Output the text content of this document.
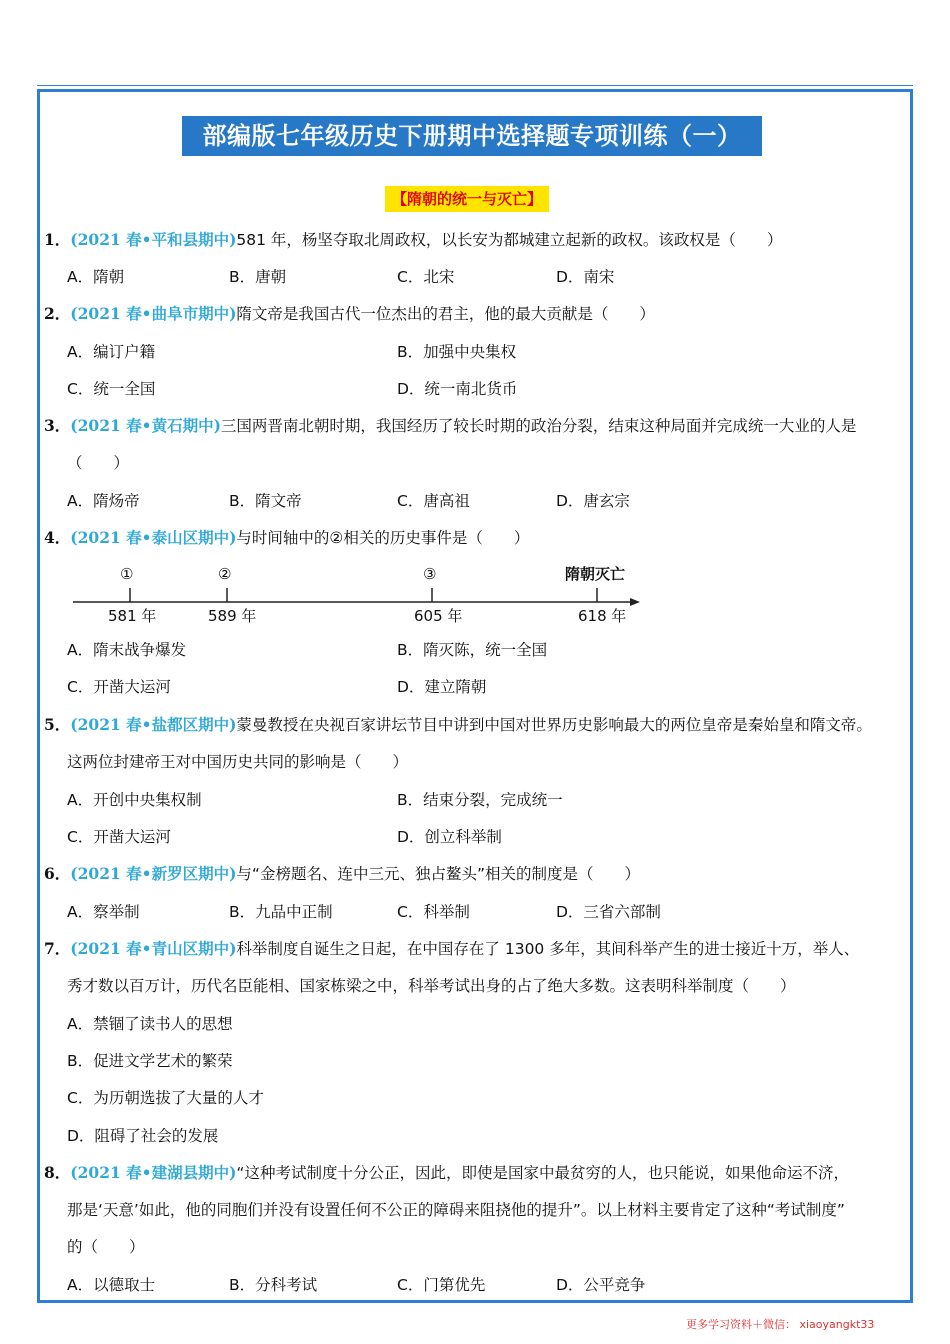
部编版七年级历史下册期中选择题专项训练（一）
【隋朝的统一与灭亡】
1．(2021 春•平和县期中)581 年，杨坚夺取北周政权，以长安为都城建立起新的政权。该政权是（　　）
A．隋朝	B．唐朝	C．北宋	D．南宋
2．(2021 春•曲阜市期中)隋文帝是我国古代一位杰出的君主，他的最大贡献是（　　）
A．编订户籍	B．加强中央集权
C．统一全国	D．统一南北货币
3．(2021 春•黄石期中)三国两晋南北朝时期，我国经历了较长时期的政治分裂，结束这种局面并完成统一大业的人是
（　　）
A．隋炀帝	B．隋文帝	C．唐高祖	D．唐玄宗
4．(2021 春•泰山区期中)与时间轴中的②相关的历史事件是（　　）
①	②	③	隋朝灭亡
581 年	589 年	605 年	618 年
A．隋末战争爆发	B．隋灭陈，统一全国
C．开凿大运河	D．建立隋朝
5．(2021 春•盐都区期中)蒙曼教授在央视百家讲坛节目中讲到中国对世界历史影响最大的两位皇帝是秦始皇和隋文帝。
这两位封建帝王对中国历史共同的影响是（　　）
A．开创中央集权制	B．结束分裂，完成统一
C．开凿大运河	D．创立科举制
6．(2021 春•新罗区期中)与“金榜题名、连中三元、独占鳌头”相关的制度是（　　）
A．察举制	B．九品中正制	C．科举制	D．三省六部制
7．(2021 春•青山区期中)科举制度自诞生之日起，在中国存在了 1300 多年，其间科举产生的进士接近十万，举人、
秀才数以百万计，历代名臣能相、国家栋梁之中，科举考试出身的占了绝大多数。这表明科举制度（　　）
A．禁锢了读书人的思想
B．促进文学艺术的繁荣
C．为历朝选拔了大量的人才
D．阻碍了社会的发展
8．(2021 春•建湖县期中)“这种考试制度十分公正，因此，即使是国家中最贫穷的人，也只能说，如果他命运不济，
那是‘天意’如此，他的同胞们并没有设置任何不公正的障碍来阻挠他的提升”。以上材料主要肯定了这种“考试制度”
的（　　）
A．以德取士	B．分科考试	C．门第优先	D．公平竞争
更多学习资料＋微信： xiaoyangkt33
